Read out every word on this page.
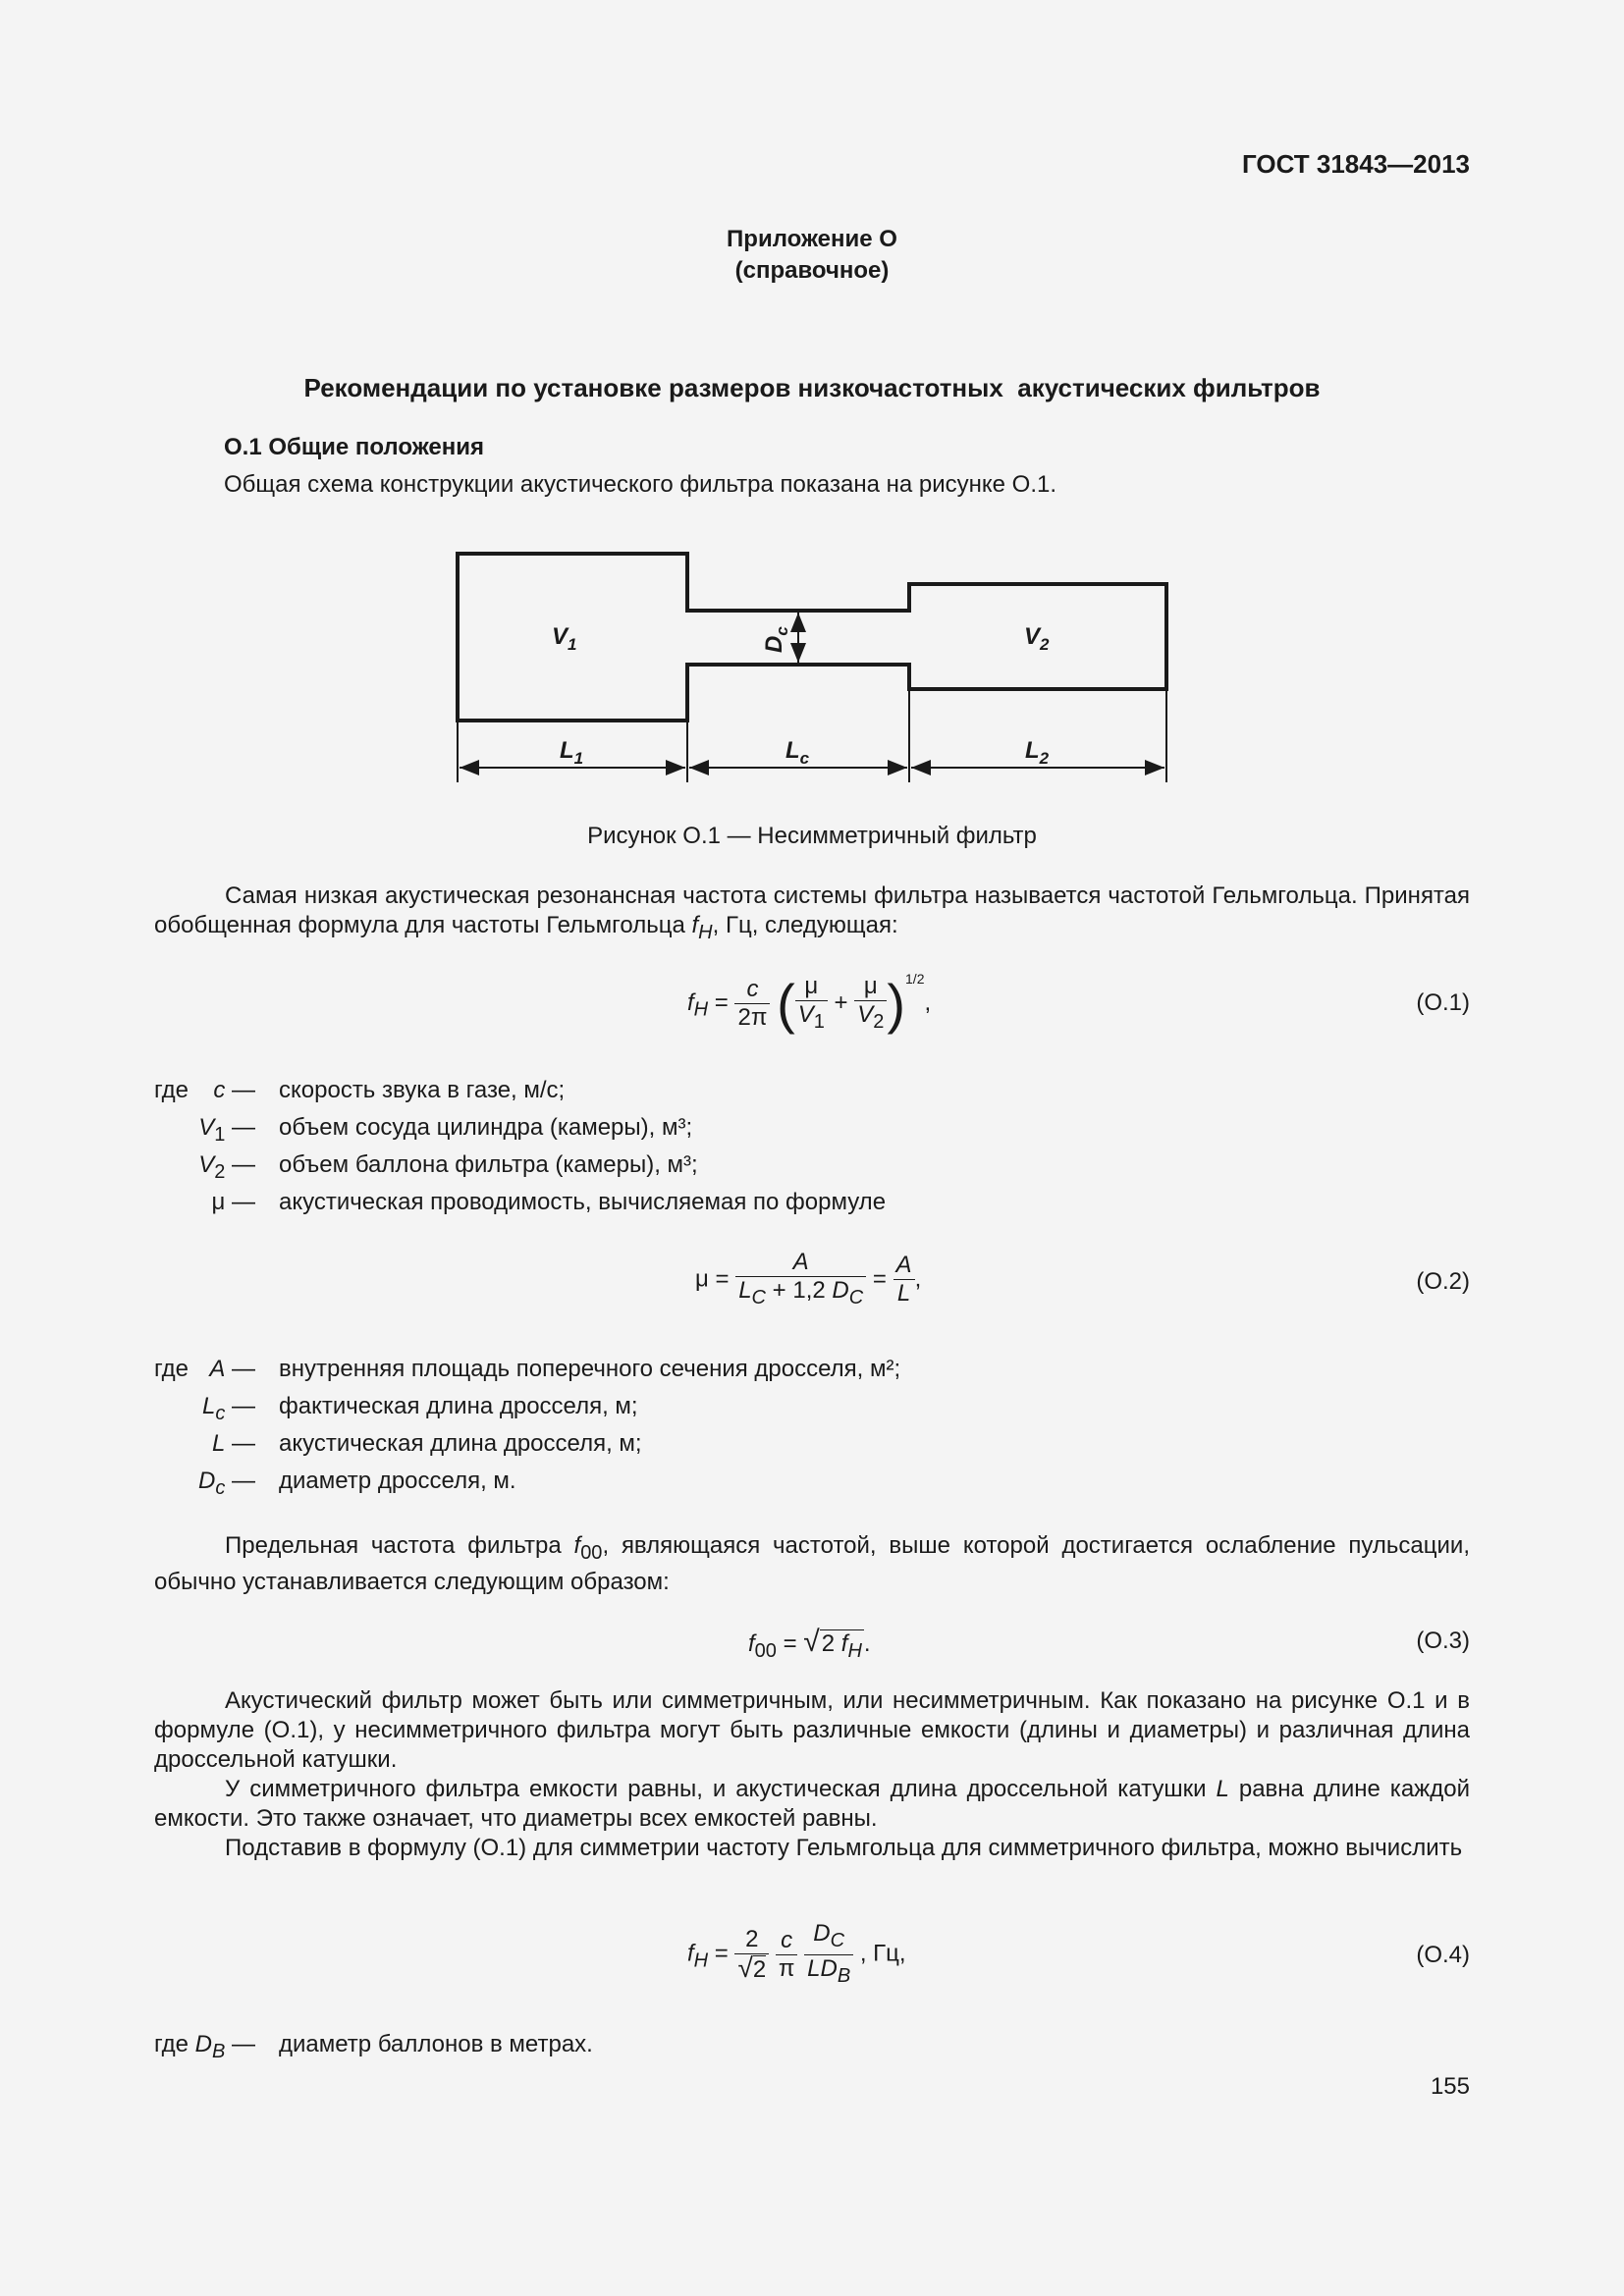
ГОСТ 31843—2013
Приложение О
(справочное)
Рекомендации по установке размеров низкочастотных  акустических фильтров
О.1 Общие положения
Общая схема конструкции акустического фильтра показана на рисунке О.1.
$V_1$	$V_2$
$D_c$
$L_1$	$L_c$	$L_2$
Рисунок О.1 — Несимметричный фильтр
Самая низкая акустическая резонансная частота системы фильтра называется частотой Гельмгольца. Принятая обобщенная формула для частоты Гельмгольца $f_H$, Гц, следующая:
$f_H = \frac{c}{2\pi}$ ( $\frac{\mu}{V_1} + \frac{\mu}{V_2} )^{1/2}$,	(О.1)
где	c — скорость звука в газе, м/с;
$V_1$ — объем сосуда цилиндра (камеры), м³;
$V_2$ — объем баллона фильтра (камеры), м³;
μ — акустическая проводимость, вычисляемая по формуле
$\mu = \frac{A}{L_C + 1,2 D_C} = \frac{A}{L}$ ,	(О.2)
где A — внутренняя площадь поперечного сечения дросселя, м²;
$L_c$ — фактическая длина дросселя, м;
L — акустическая длина дросселя, м;
$D_c$ — диаметр дросселя, м.
Предельная частота фильтра $f_{00}$, являющаяся частотой, выше которой достигается ослабление пульсации, обычно устанавливается следующим образом:
$f_{00} = √2$ $f_H$.	(О.3)
Акустический фильтр может быть или симметричным, или несимметричным. Как показано на рисунке О.1 и в формуле (О.1), у несимметричного фильтра могут быть различные емкости (длины и диаметры) и различная длина дроссельной катушки.
У симметричного фильтра емкости равны, и акустическая длина дроссельной катушки L равна длине каждой емкости. Это также означает, что диаметры всех емкостей равны.
Подставив в формулу (О.1) для симметрии частоту Гельмгольца для симметричного фильтра, можно вычислить
$f_H = \frac{2}{√2}$
$\frac{c}{\pi}$
$\frac{D_C}{LD_B}$ , Гц,	(О.4)
где $D_B$ — диаметр баллонов в метрах.
155
